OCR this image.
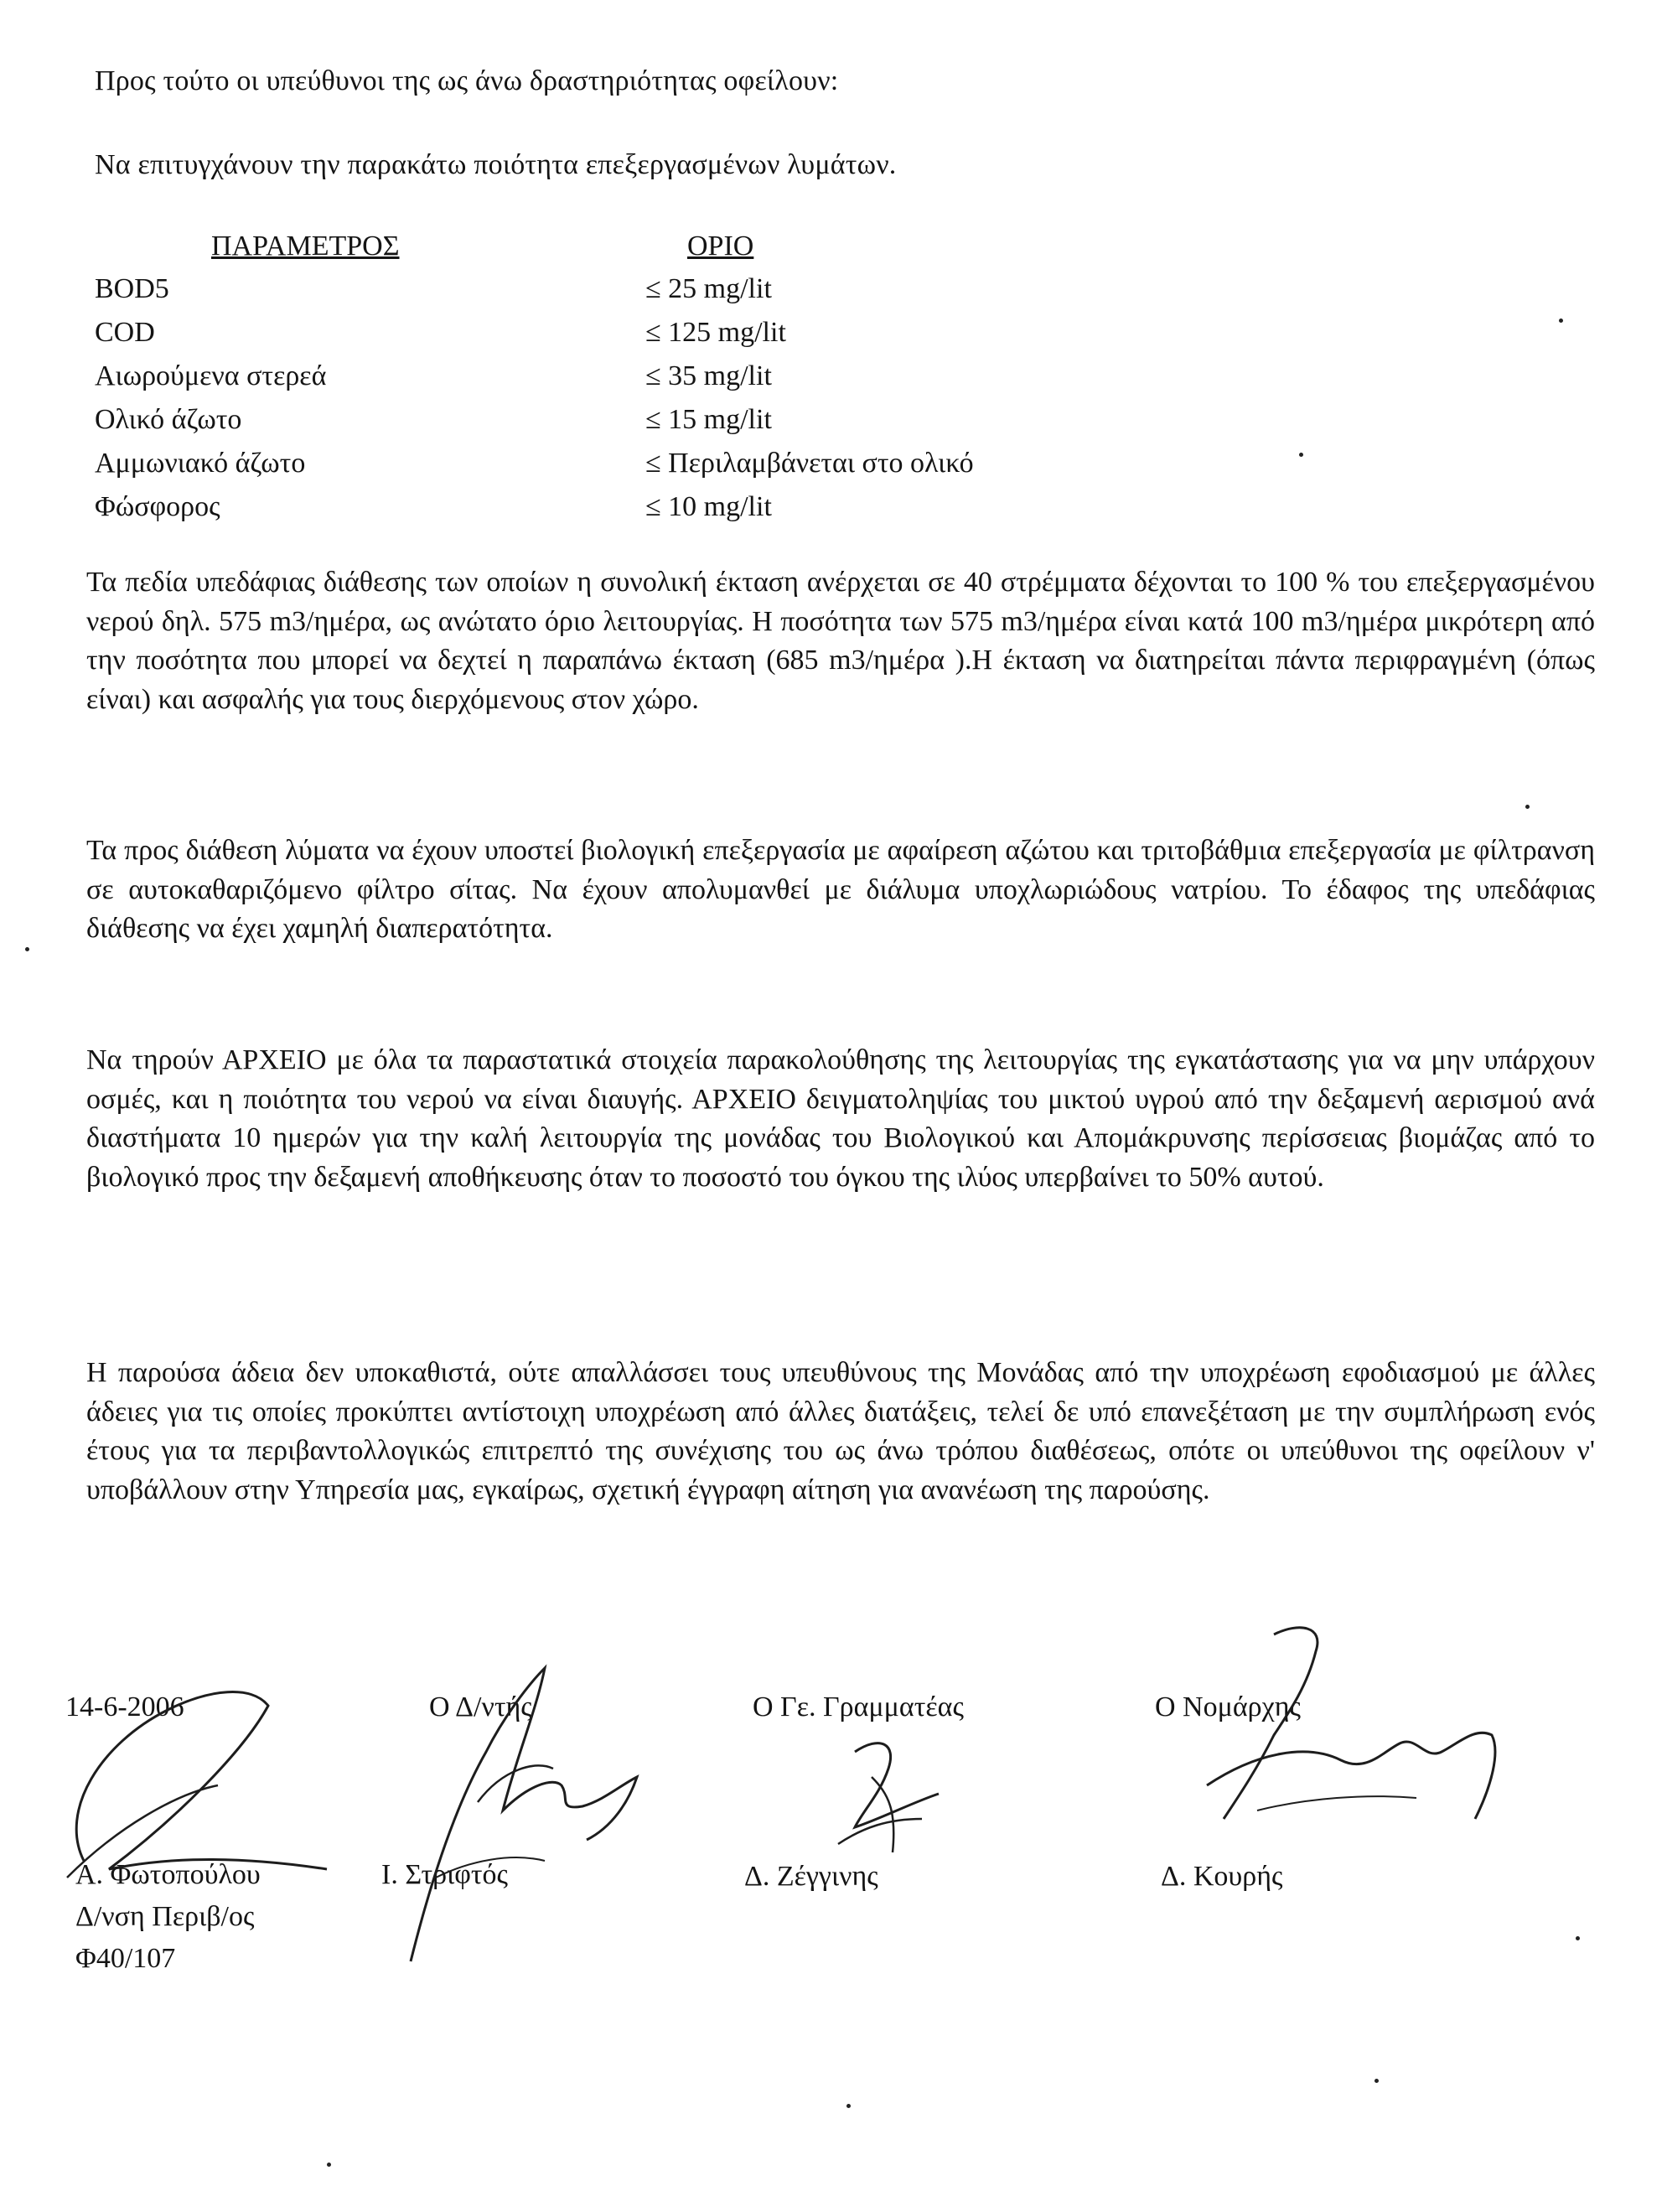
Προς τούτο οι υπεύθυνοι της ως άνω δραστηριότητας οφείλουν:
Να επιτυγχάνουν την παρακάτω ποιότητα επεξεργασμένων λυμάτων.
ΠΑΡΑΜΕΤΡΟΣ	ΟΡΙΟ
BOD5	≤ 25 mg/lit
COD	≤ 125 mg/lit
Αιωρούμενα στερεά	≤ 35 mg/lit
Ολικό άζωτο	≤ 15 mg/lit
Αμμωνιακό άζωτο	≤ Περιλαμβάνεται στο ολικό
Φώσφορος	≤ 10 mg/lit
Τα πεδία υπεδάφιας διάθεσης των οποίων η συνολική έκταση ανέρχεται σε 40 στρέμματα δέχονται το 100 % του επεξεργασμένου νερού δηλ. 575 m3/ημέρα, ως ανώτατο όριο λειτουργίας. Η ποσότητα των 575 m3/ημέρα είναι κατά 100 m3/ημέρα μικρότερη από την ποσότητα που μπορεί να δεχτεί η παραπάνω έκταση (685 m3/ημέρα ).Η έκταση να διατηρείται πάντα περιφραγμένη (όπως είναι) και ασφαλής για τους διερχόμενους στον χώρο.
Τα προς διάθεση λύματα να έχουν υποστεί βιολογική επεξεργασία με αφαίρεση αζώτου και τριτοβάθμια επεξεργασία με φίλτρανση σε αυτοκαθαριζόμενο φίλτρο σίτας. Να έχουν απολυμανθεί με διάλυμα υποχλωριώδους νατρίου. Το έδαφος της υπεδάφιας διάθεσης να έχει χαμηλή διαπερατότητα.
Να τηρούν ΑΡΧΕΙΟ με όλα τα παραστατικά στοιχεία παρακολούθησης της λειτουργίας της εγκατάστασης για να μην υπάρχουν οσμές, και η ποιότητα του νερού να είναι διαυγής. ΑΡΧΕΙΟ δειγματοληψίας του μικτού υγρού από την δεξαμενή αερισμού ανά διαστήματα 10 ημερών για την καλή λειτουργία της μονάδας του Βιολογικού και Απομάκρυνσης περίσσειας βιομάζας από το βιολογικό προς την δεξαμενή αποθήκευσης όταν το ποσοστό του όγκου της ιλύος υπερβαίνει το 50% αυτού.
Η παρούσα άδεια δεν υποκαθιστά, ούτε απαλλάσσει τους υπευθύνους της Μονάδας από την υποχρέωση εφοδιασμού με άλλες άδειες για τις οποίες προκύπτει αντίστοιχη υποχρέωση από άλλες διατάξεις, τελεί δε υπό επανεξέταση με την συμπλήρωση ενός έτους για τα περιβαντολλογικώς επιτρεπτό της συνέχισης του ως άνω τρόπου διαθέσεως, οπότε οι υπεύθυνοι της οφείλουν ν' υποβάλλουν στην Υπηρεσία μας, εγκαίρως, σχετική έγγραφη αίτηση για ανανέωση της παρούσης.
14-6-2006
Α. Φωτοπούλου
Δ/νση Περιβ/ος
Φ40/107
Ο Δ/ντής
Ι. Στριφτός
Ο Γε. Γραμματέας
Δ. Ζέγγινης
Ο Νομάρχης
Δ. Κουρής
